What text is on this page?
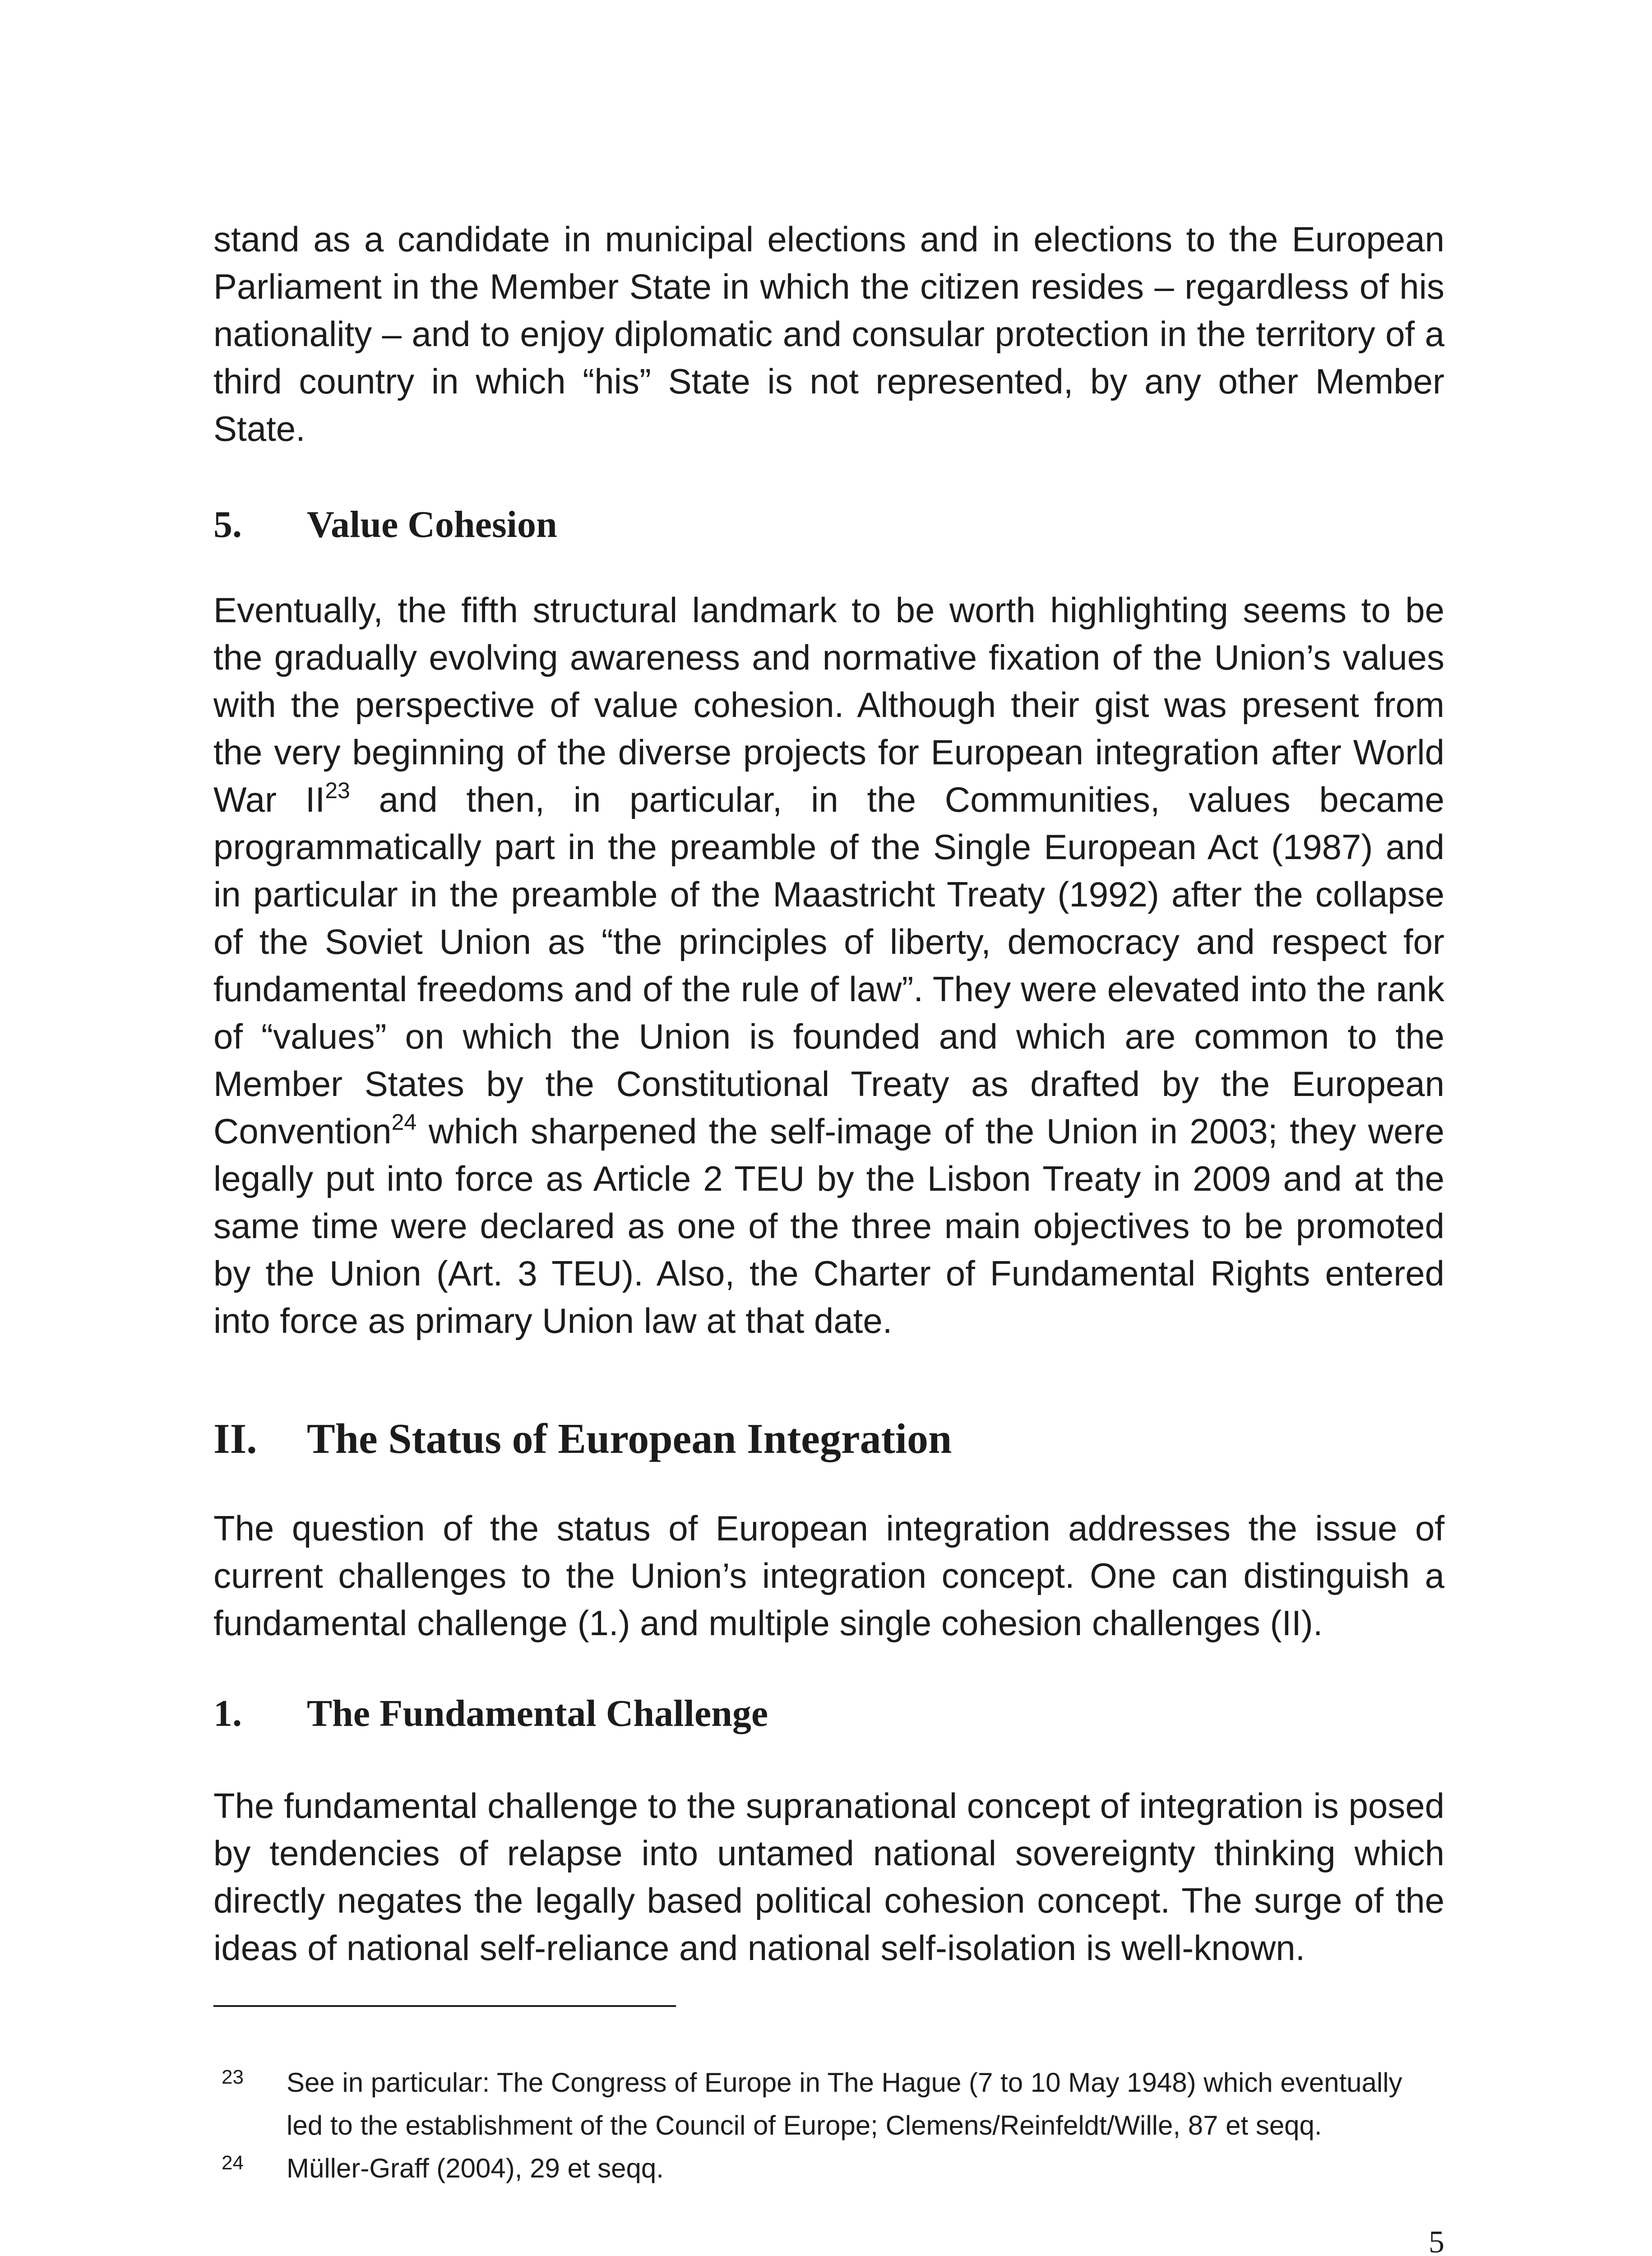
stand as a candidate in municipal elections and in elections to the European Parliament in the Member State in which the citizen resides – regardless of his nationality – and to enjoy diplomatic and consular protection in the territory of a third country in which “his” State is not represented, by any other Member State.

5. Value Cohesion

Eventually, the fifth structural landmark to be worth highlighting seems to be the gradually evolving awareness and normative fixation of the Union’s values with the perspective of value cohesion. Although their gist was present from the very beginning of the diverse projects for European integration after World War II$^{23}$ and then, in particular, in the Communities, values became programmatically part in the preamble of the Single European Act (1987) and in particular in the preamble of the Maastricht Treaty (1992) after the collapse of the Soviet Union as “the principles of liberty, democracy and respect for fundamental freedoms and of the rule of law”. They were elevated into the rank of “values” on which the Union is founded and which are common to the Member States by the Constitutional Treaty as drafted by the European Convention$^{24}$ which sharpened the self-image of the Union in 2003; they were legally put into force as Article 2 TEU by the Lisbon Treaty in 2009 and at the same time were declared as one of the three main objectives to be promoted by the Union (Art. 3 TEU). Also, the Charter of Fundamental Rights entered into force as primary Union law at that date.

II. The Status of European Integration

The question of the status of European integration addresses the issue of current challenges to the Union’s integration concept. One can distinguish a fundamental challenge (1.) and multiple single cohesion challenges (II).

1. The Fundamental Challenge

The fundamental challenge to the supranational concept of integration is posed by tendencies of relapse into untamed national sovereignty thinking which directly negates the legally based political cohesion concept. The surge of the ideas of national self-reliance and national self-isolation is well-known.

23 See in particular: The Congress of Europe in The Hague (7 to 10 May 1948) which eventually led to the establishment of the Council of Europe; Clemens/Reinfeldt/Wille, 87 et seqq.
24 Müller-Graff (2004), 29 et seqq.
5
